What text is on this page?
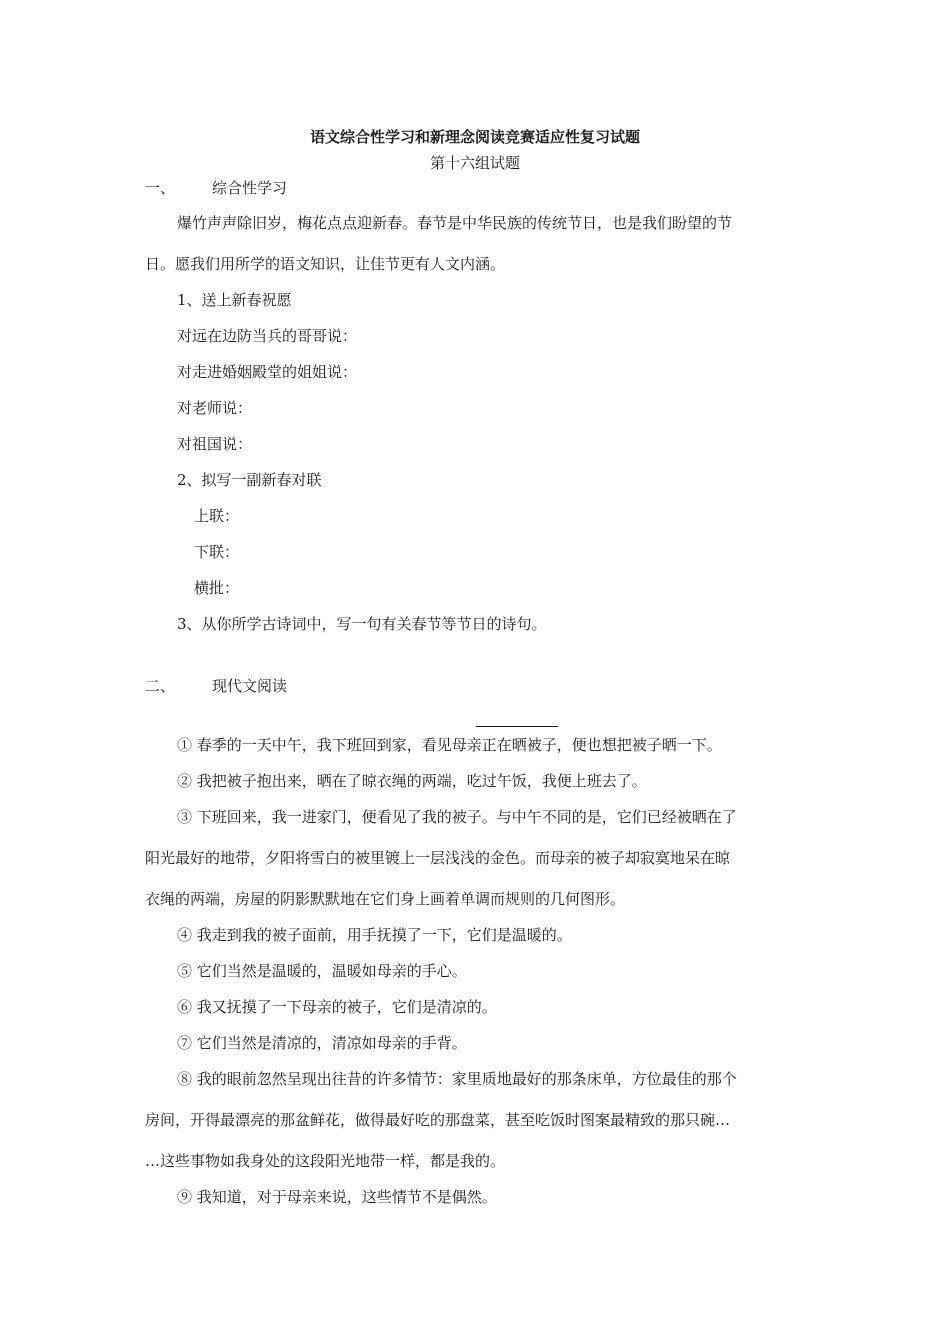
语文综合性学习和新理念阅读竞赛适应性复习试题
第十六组试题
一、 综合性学习
爆竹声声除旧岁，梅花点点迎新春。春节是中华民族的传统节日，也是我们盼望的节
日。愿我们用所学的语文知识，让佳节更有人文内涵。
1、送上新春祝愿
对远在边防当兵的哥哥说：
对走进婚姻殿堂的姐姐说：
对老师说：
对祖国说：
2、拟写一副新春对联
上联：
下联：
横批：
3、从你所学古诗词中，写一句有关春节等节日的诗句。
二、 现代文阅读
① 春季的一天中午，我下班回到家，看见母亲正在晒被子，便也想把被子晒一下。
② 我把被子抱出来，晒在了晾衣绳的两端，吃过午饭，我便上班去了。
③ 下班回来，我一进家门，便看见了我的被子。与中午不同的是，它们已经被晒在了
阳光最好的地带，夕阳将雪白的被里镀上一层浅浅的金色。而母亲的被子却寂寞地呆在晾
衣绳的两端，房屋的阴影默默地在它们身上画着单调而规则的几何图形。
④ 我走到我的被子面前，用手抚摸了一下，它们是温暖的。
⑤ 它们当然是温暖的，温暖如母亲的手心。
⑥ 我又抚摸了一下母亲的被子，它们是清凉的。
⑦ 它们当然是清凉的，清凉如母亲的手背。
⑧ 我的眼前忽然呈现出往昔的许多情节：家里质地最好的那条床单，方位最佳的那个
房间，开得最漂亮的那盆鲜花，做得最好吃的那盘菜，甚至吃饭时图案最精致的那只碗…
…这些事物如我身处的这段阳光地带一样，都是我的。
⑨ 我知道，对于母亲来说，这些情节不是偶然。
